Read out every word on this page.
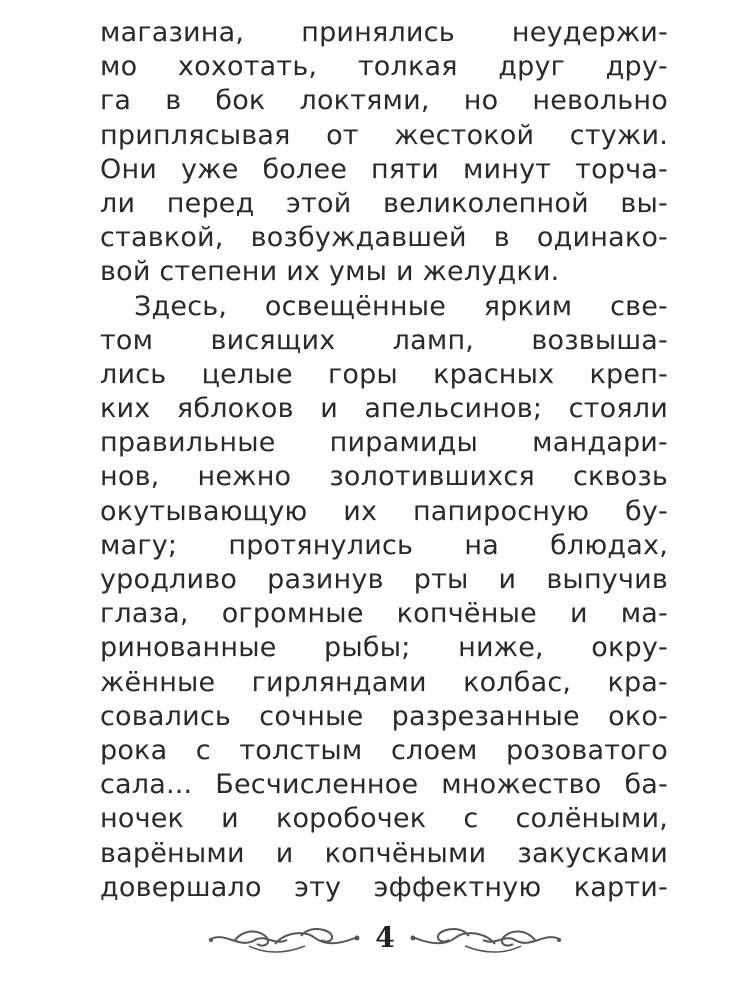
магазина, принялись неудержи-
мо хохотать, толкая друг дру-
га в бок локтями, но невольно
приплясывая от жестокой стужи.
Они уже более пяти минут торча-
ли перед этой великолепной вы-
ставкой, возбуждавшей в одинако-
вой степени их умы и желудки.
Здесь, освещённые ярким све-
том висящих ламп, возвыша-
лись целые горы красных креп-
ких яблоков и апельсинов; стояли
правильные пирамиды мандари-
нов, нежно золотившихся сквозь
окутывающую их папиросную бу-
магу; протянулись на блюдах,
уродливо разинув рты и выпучив
глаза, огромные копчёные и ма-
ринованные рыбы; ниже, окру-
жённые гирляндами колбас, кра-
совались сочные разрезанные око-
рока с толстым слоем розоватого
сала... Бесчисленное множество ба-
ночек и коробочек с солёными,
варёными и копчёными закусками
довершало эту эффектную карти-
4
